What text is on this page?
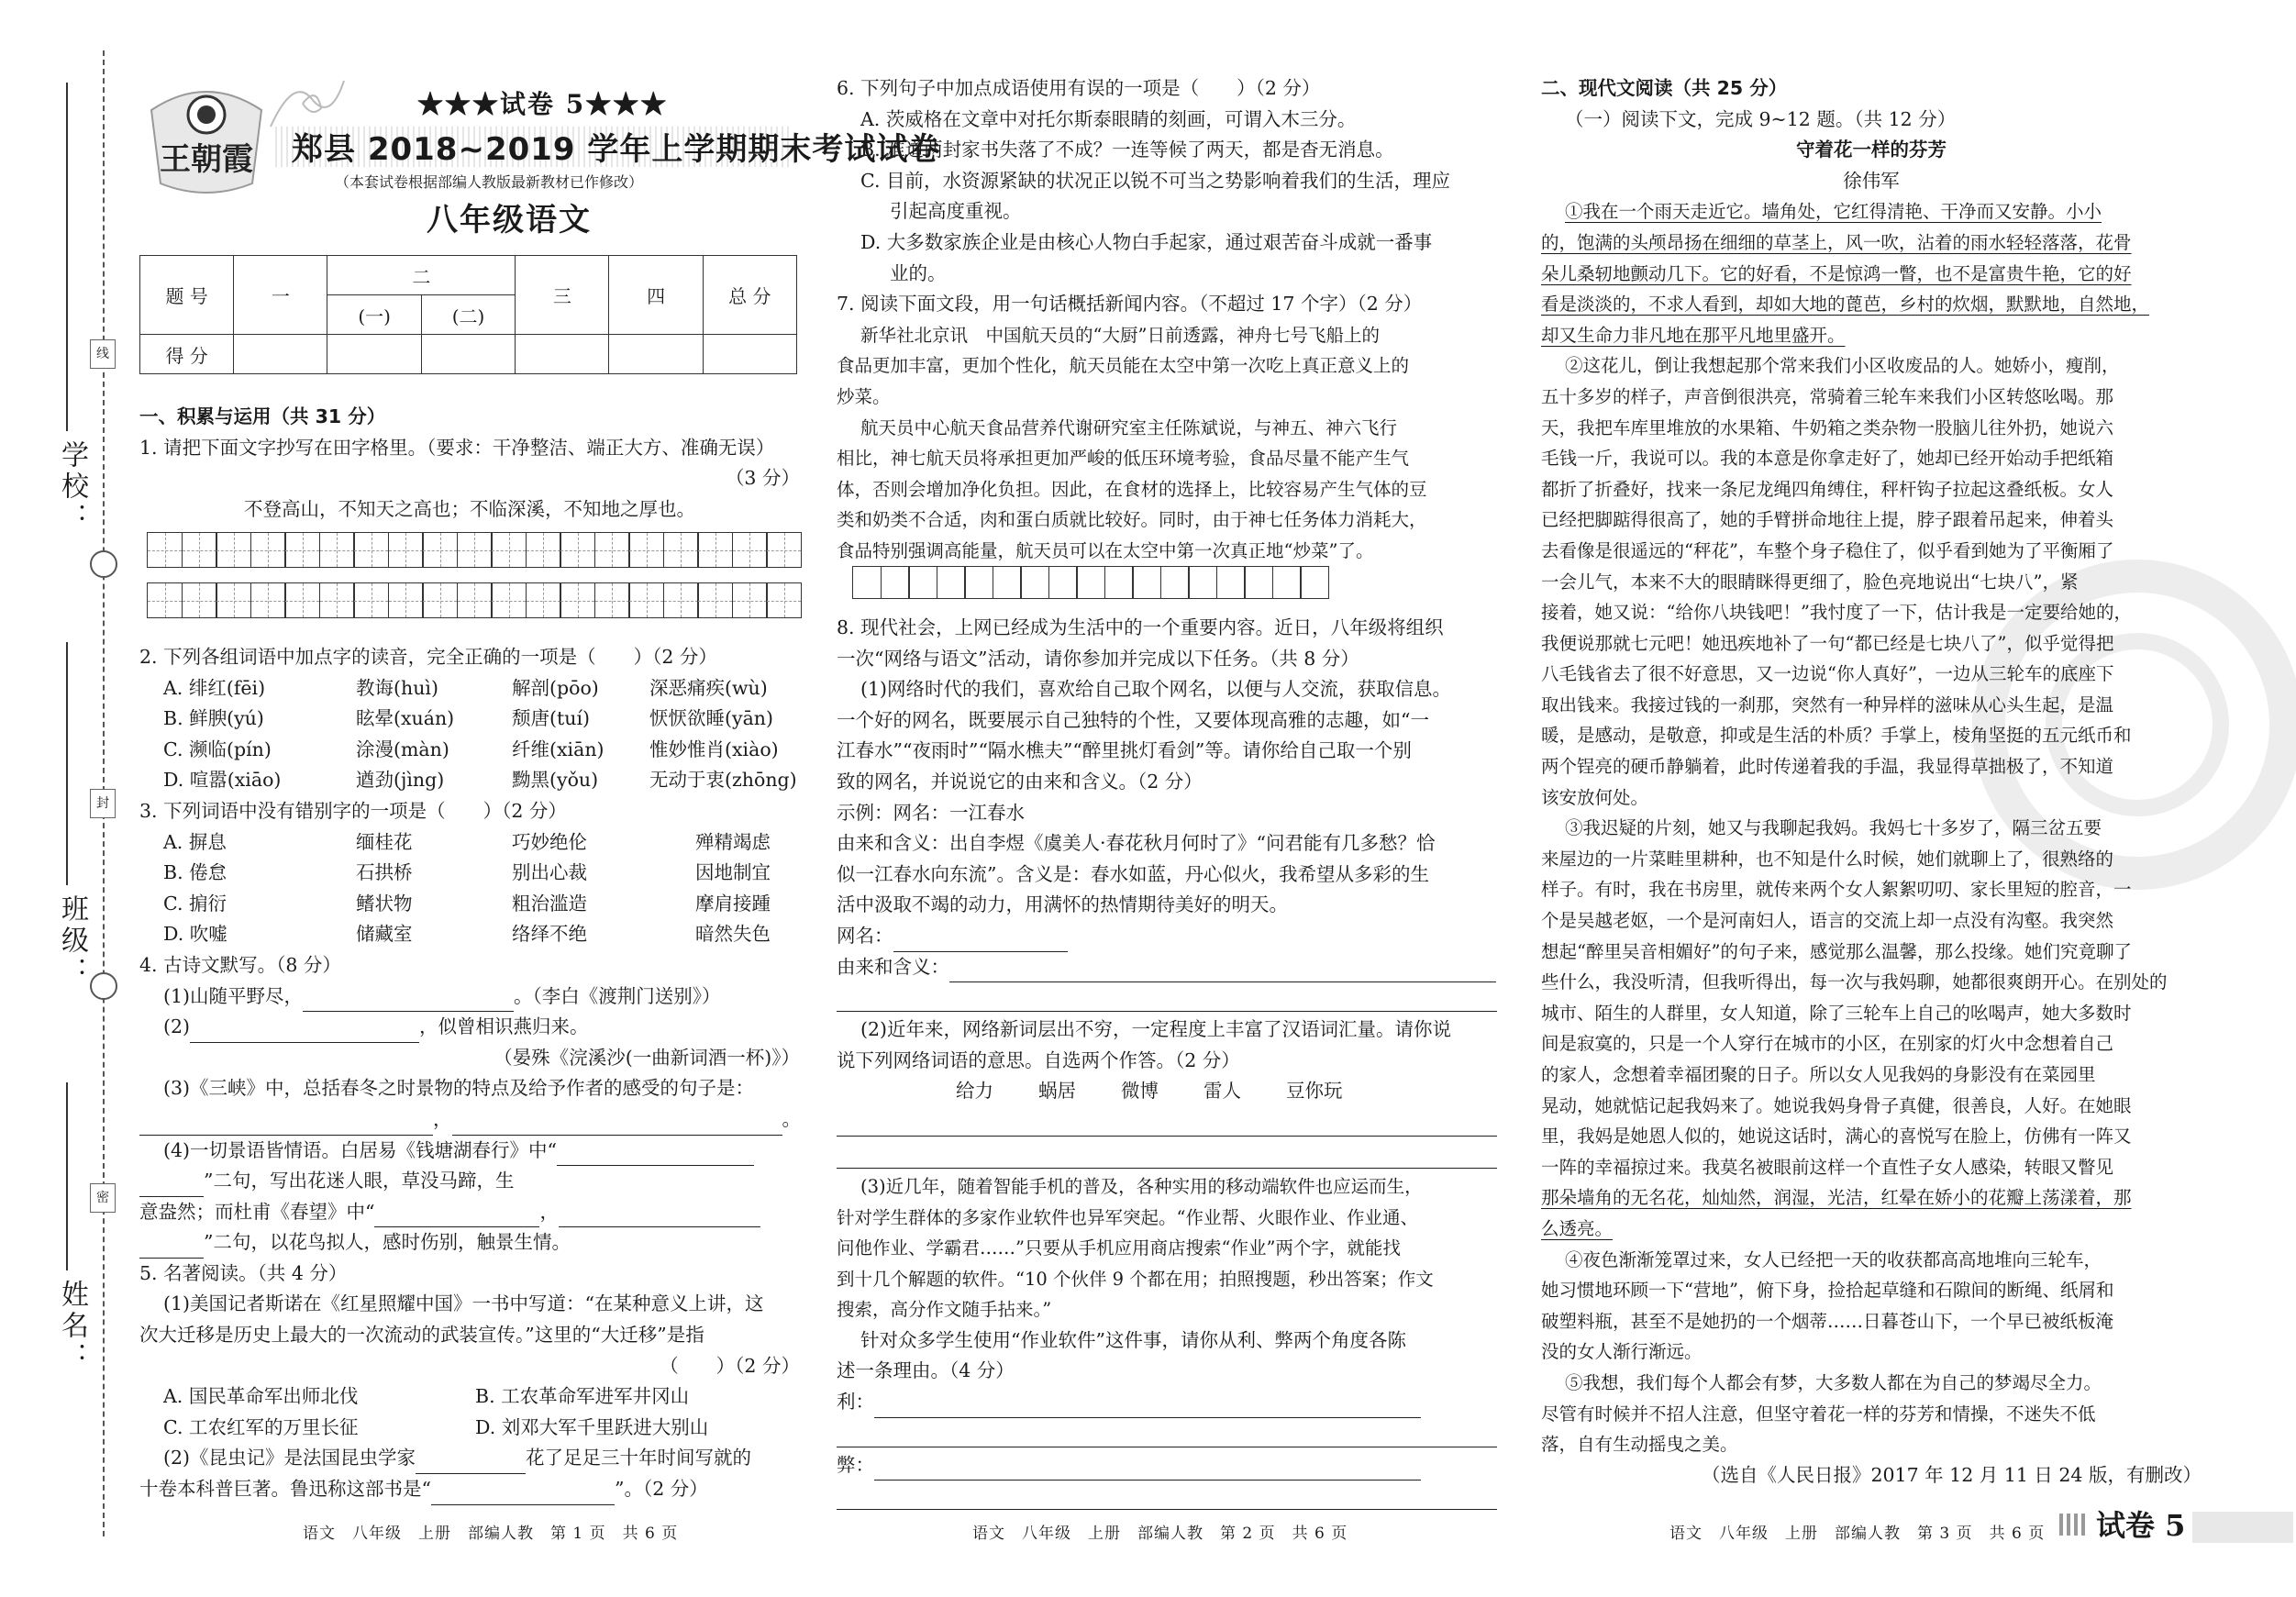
学校：
班级：
姓名：
线
封
密
王朝霞
★★★试卷 5★★★
郑县 2018~2019 学年上学期期末考试试卷
（本套试卷根据部编人教版最新教材已作修改）
八年级语文
题 号	一	二		三	四	总 分
		(一)	(二)			
得 分						

一、积累与运用（共 31 分）

1. 请把下面文字抄写在田字格里。（要求：干净整洁、端正大方、准确无误）

（3 分）

不登高山，不知天之高也；不临深溪，不知地之厚也。

2. 下列各组词语中加点字的读音，完全正确的一项是（　　）（2 分）

A. 绯红(fēi)	教诲(huì)	解剖(pōo)	深恶痛疾(wù)

B. 鲜腴(yú)	眩晕(xuán)	颓唐(tuí)	恹恹欲睡(yān)

C. 濒临(pín)	涂漫(màn)	纤维(xiān) 惟妙惟肖(xiào)

D. 喧嚣(xiāo)	遒劲(jìng)	黝黑(yǒu)	无动于衷(zhōng)

3. 下列词语中没有错别字的一项是（　　）（2 分）

A. 摒息	缅桂花	巧妙绝伦	殚精竭虑

B. 倦怠	石拱桥	别出心裁	因地制宜

C. 掮衍	鳍状物	粗治滥造	摩肩接踵

D. 吹嘘	储藏室	络绎不绝	暗然失色

4. 古诗文默写。（8 分）

(1)山随平野尽，	。（李白《渡荆门送别》）

(2)	，似曾相识燕归来。

（晏殊《浣溪沙(一曲新词酒一杯)》）

(3)《三峡》中，总括春冬之时景物的特点及给予作者的感受的句子是：

，	。

(4)一切景语皆情语。白居易《钱塘湖春行》中“

”二句，写出花迷人眼，草没马蹄，生

意盎然；而杜甫《春望》中“	，

”二句，以花鸟拟人，感时伤别，触景生情。

5. 名著阅读。（共 4 分）

(1)美国记者斯诺在《红星照耀中国》一书中写道：“在某种意义上讲，这

次大迁移是历史上最大的一次流动的武装宣传。”这里的“大迁移”是指

（　　）（2 分）

A. 国民革命军出师北伐	B. 工农革命军进军井冈山

C. 工农红军的万里长征	D. 刘邓大军千里跃进大别山

(2)《昆虫记》是法国昆虫学家	花了足足三十年时间写就的

十卷本科普巨著。鲁迅称这部书是“	”。（2 分）

6. 下列句子中加点成语使用有误的一项是（　　）（2 分）

A. 茨威格在文章中对托尔斯泰眼睛的刻画，可谓入木三分。

B. 难道两封家书失落了不成？一连等候了两天，都是杳无消息。

C. 目前，水资源紧缺的状况正以锐不可当之势影响着我们的生活，理应

引起高度重视。

D. 大多数家族企业是由核心人物白手起家，通过艰苦奋斗成就一番事

业的。

7. 阅读下面文段，用一句话概括新闻内容。（不超过 17 个字）（2 分）

新华社北京讯　中国航天员的“大厨”日前透露，神舟七号飞船上的

食品更加丰富，更加个性化，航天员能在太空中第一次吃上真正意义上的

炒菜。

航天员中心航天食品营养代谢研究室主任陈斌说，与神五、神六飞行

相比，神七航天员将承担更加严峻的低压环境考验，食品尽量不能产生气

体，否则会增加净化负担。因此，在食材的选择上，比较容易产生气体的豆

类和奶类不合适，肉和蛋白质就比较好。同时，由于神七任务体力消耗大，

食品特别强调高能量，航天员可以在太空中第一次真正地“炒菜”了。

8. 现代社会，上网已经成为生活中的一个重要内容。近日，八年级将组织

一次“网络与语文”活动，请你参加并完成以下任务。（共 8 分）

(1)网络时代的我们，喜欢给自己取个网名，以便与人交流，获取信息。

一个好的网名，既要展示自己独特的个性，又要体现高雅的志趣，如“一

江春水”“夜雨时”“隔水樵夫”“醉里挑灯看剑”等。请你给自己取一个别

致的网名，并说说它的由来和含义。（2 分）

示例：网名：一江春水

由来和含义：出自李煜《虞美人·春花秋月何时了》“问君能有几多愁？恰

似一江春水向东流”。含义是：春水如蓝，丹心似火，我希望从多彩的生

活中汲取不竭的动力，用满怀的热情期待美好的明天。

网名：

由来和含义：

(2)近年来，网络新词层出不穷，一定程度上丰富了汉语词汇量。请你说

说下列网络词语的意思。自选两个作答。（2 分）

给力 蜗居 微博 雷人 豆你玩

(3)近几年，随着智能手机的普及，各种实用的移动端软件也应运而生，

针对学生群体的多家作业软件也异军突起。“作业帮、火眼作业、作业通、

问他作业、学霸君……”只要从手机应用商店搜索“作业”两个字，就能找

到十几个解题的软件。“10 个伙伴 9 个都在用；拍照搜题，秒出答案；作文

搜索，高分作文随手拈来。”

针对众多学生使用“作业软件”这件事，请你从利、弊两个角度各陈

述一条理由。（4 分）

利：

弊：

二、现代文阅读（共 25 分）

（一）阅读下文，完成 9~12 题。（共 12 分）

守着花一样的芬芳

徐伟军

①我在一个雨天走近它。墙角处，它红得清艳、干净而又安静。小小

的，饱满的头颅昂扬在细细的草茎上，风一吹，沾着的雨水轻轻落落，花骨

朵儿桑轫地颤动几下。它的好看，不是惊鸿一瞥，也不是富贵牛艳，它的好

看是淡淡的，不求人看到，却如大地的蓖芭，乡村的炊烟，默默地，自然地，

却又生命力非凡地在那平凡地里盛开。

②这花儿，倒让我想起那个常来我们小区收废品的人。她娇小，瘦削，

五十多岁的样子，声音倒很洪亮，常骑着三轮车来我们小区转悠吆喝。那

天，我把车库里堆放的水果箱、牛奶箱之类杂物一股脑儿往外扔，她说六

毛钱一斤，我说可以。我的本意是你拿走好了，她却已经开始动手把纸箱

都折了折叠好，找来一条尼龙绳四角缚住，秤杆钩子拉起这叠纸板。女人

已经把脚踮得很高了，她的手臂拼命地往上提，脖子跟着吊起来，伸着头

去看像是很遥远的“秤花”，车整个身子稳住了，似乎看到她为了平衡厢了

一会儿气，本来不大的眼睛眯得更细了，脸色亮地说出“七块八”，紧

接着，她又说：“给你八块钱吧！”我忖度了一下，估计我是一定要给她的，

我便说那就七元吧！她迅疾地补了一句“都已经是七块八了”，似乎觉得把

八毛钱省去了很不好意思，又一边说“你人真好”，一边从三轮车的底座下

取出钱来。我接过钱的一刹那，突然有一种异样的滋味从心头生起，是温

暖，是感动，是敬意，抑或是生活的朴质？手掌上，棱角坚挺的五元纸币和

两个锃亮的硬币静躺着，此时传递着我的手温，我显得草拙极了，不知道

该安放何处。

③我迟疑的片刻，她又与我聊起我妈。我妈七十多岁了，隔三岔五要

来屋边的一片菜畦里耕种，也不知是什么时候，她们就聊上了，很熟络的

样子。有时，我在书房里，就传来两个女人絮絮叨叨、家长里短的腔音，一

个是吴越老妪，一个是河南妇人，语言的交流上却一点没有沟壑。我突然

想起“醉里吴音相媚好”的句子来，感觉那么温馨，那么投缘。她们究竟聊了

些什么，我没听清，但我听得出，每一次与我妈聊，她都很爽朗开心。在别处的

城市、陌生的人群里，女人知道，除了三轮车上自己的吆喝声，她大多数时

间是寂寞的，只是一个人穿行在城市的小区，在别家的灯火中念想着自己

的家人，念想着幸福团聚的日子。所以女人见我妈的身影没有在菜园里

晃动，她就惦记起我妈来了。她说我妈身骨子真健，很善良，人好。在她眼

里，我妈是她恩人似的，她说这话时，满心的喜悦写在脸上，仿佛有一阵又

一阵的幸福掠过来。我莫名被眼前这样一个直性子女人感染，转眼又瞥见

那朵墙角的无名花，灿灿然，润湿，光洁，红晕在娇小的花瓣上荡漾着，那

么透亮。

④夜色渐渐笼罩过来，女人已经把一天的收获都高高地堆向三轮车，

她习惯地环顾一下“营地”，俯下身，捡拾起草缝和石隙间的断绳、纸屑和

破塑料瓶，甚至不是她扔的一个烟蒂……日暮苍山下，一个早已被纸板淹

没的女人渐行渐远。

⑤我想，我们每个人都会有梦，大多数人都在为自己的梦竭尽全力。

尽管有时候并不招人注意，但坚守着花一样的芬芳和情操，不迷失不低

落，自有生动摇曳之美。

（选自《人民日报》2017 年 12 月 11 日 24 版，有删改）

语文　八年级　上册　部编人教　第 1 页　共 6 页	语文　八年级　上册　部编人教　第 2 页　共 6 页	语文　八年级　上册　部编人教　第 3 页　共 6 页 试卷 5
